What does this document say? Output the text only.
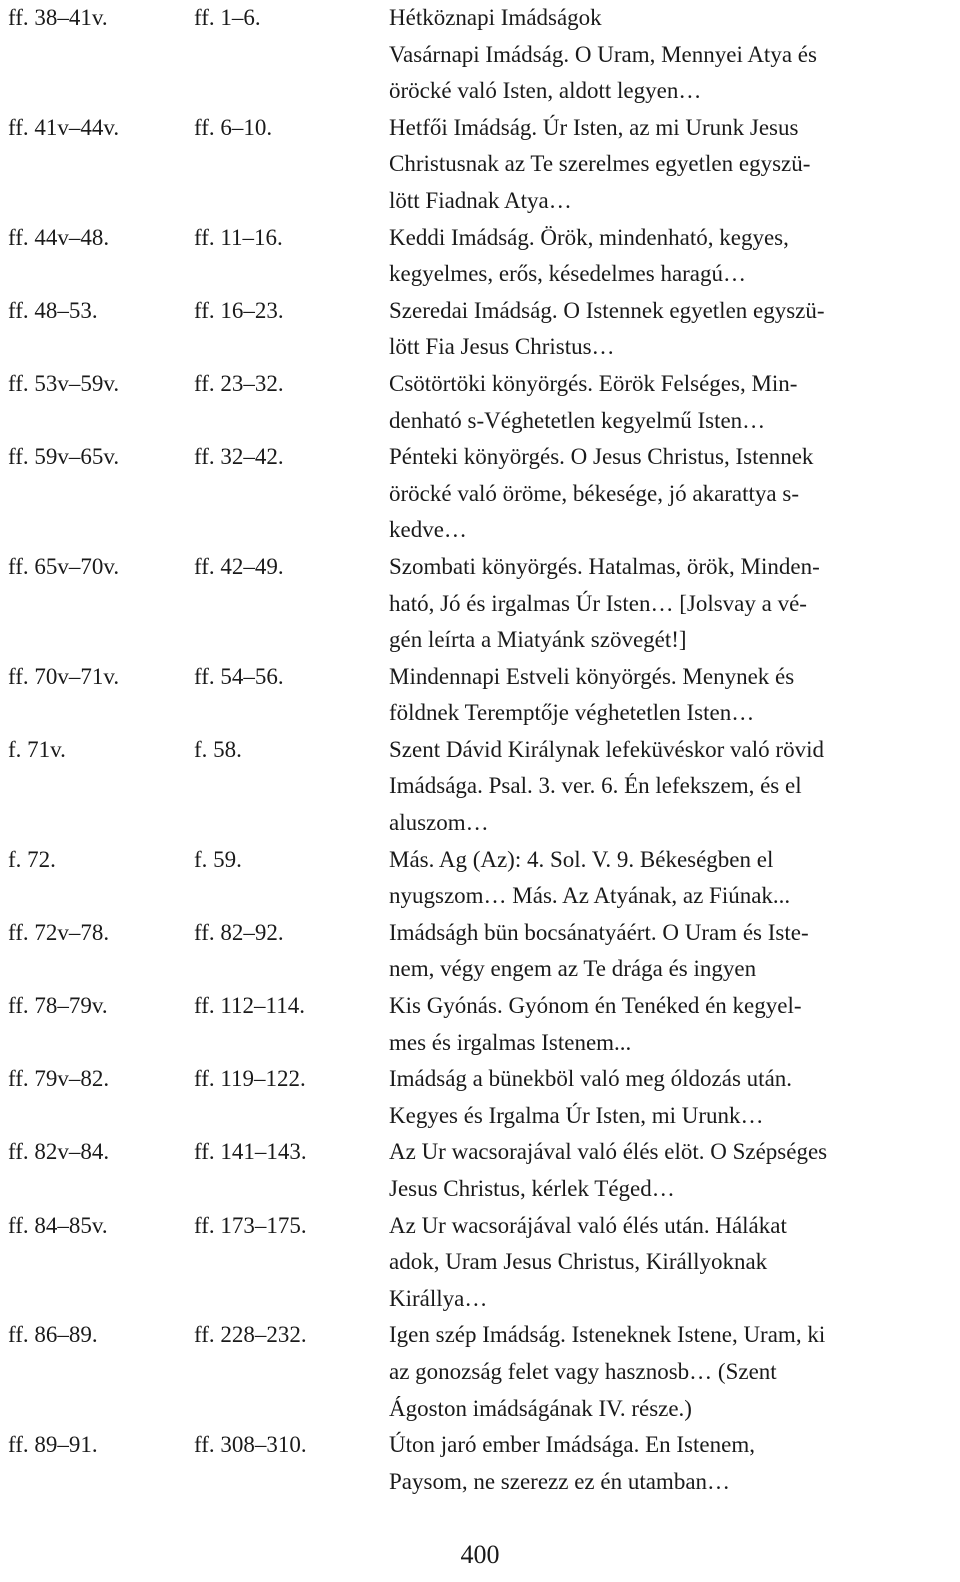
ff. 38–41v.	ff. 1–6.	Hétköznapi Imádságok
Vasárnapi Imádság. O Uram, Mennyei Atya és
öröcké való Isten, aldott legyen…
ff. 41v–44v.	ff. 6–10.	Hetfői Imádság. Úr Isten, az mi Urunk Jesus
Christusnak az Te szerelmes egyetlen egyszü-
lött Fiadnak Atya…
ff. 44v–48.	ff. 11–16.	Keddi Imádság. Örök, mindenható, kegyes,
kegyelmes, erős, késedelmes haragú…
ff. 48–53.	ff. 16–23.	Szeredai Imádság. O Istennek egyetlen egyszü-
lött Fia Jesus Christus…
ff. 53v–59v.	ff. 23–32.	Csötörtöki könyörgés. Eörök Felséges, Min-
denható s-Véghetetlen kegyelmű Isten…
ff. 59v–65v.	ff. 32–42.	Pénteki könyörgés. O Jesus Christus, Istennek
öröcké való öröme, békesége, jó akarattya s-
kedve…
ff. 65v–70v.	ff. 42–49.	Szombati könyörgés. Hatalmas, örök, Minden-
ható, Jó és irgalmas Úr Isten… [Jolsvay a vé-
gén leírta a Miatyánk szövegét!]
ff. 70v–71v.	ff. 54–56.	Mindennapi Estveli könyörgés. Menynek és
földnek Teremptője véghetetlen Isten…
f. 71v.	f. 58.	Szent Dávid Királynak lefeküvéskor való rövid
Imádsága. Psal. 3. ver. 6. Én lefekszem, és el
aluszom…
f. 72.	f. 59.	Más. Ag (Az): 4. Sol. V. 9. Békeségben el
nyugszom… Más. Az Atyának, az Fiúnak...
ff. 72v–78.	ff. 82–92.	Imádságh bün bocsánatyáért. O Uram és Iste-
nem, végy engem az Te drága és ingyen
ff. 78–79v.	ff. 112–114.	Kis Gyónás. Gyónom én Tenéked én kegyel-
mes és irgalmas Istenem...
ff. 79v–82.	ff. 119–122.	Imádság a bünekböl való meg óldozás után.
Kegyes és Irgalma Úr Isten, mi Urunk…
ff. 82v–84.	ff. 141–143.	Az Ur wacsorajával való élés elöt. O Szépséges
Jesus Christus, kérlek Téged…
ff. 84–85v.	ff. 173–175.	Az Ur wacsorájával való élés után. Hálákat
adok, Uram Jesus Christus, Királlyoknak
Királlya…
ff. 86–89.	ff. 228–232.	Igen szép Imádság. Isteneknek Istene, Uram, ki
az gonozság felet vagy hasznosb… (Szent
Ágoston imádságának IV. része.)
ff. 89–91.	ff. 308–310.	Úton jaró ember Imádsága. En Istenem,
Paysom, ne szerezz ez én utamban…
400
